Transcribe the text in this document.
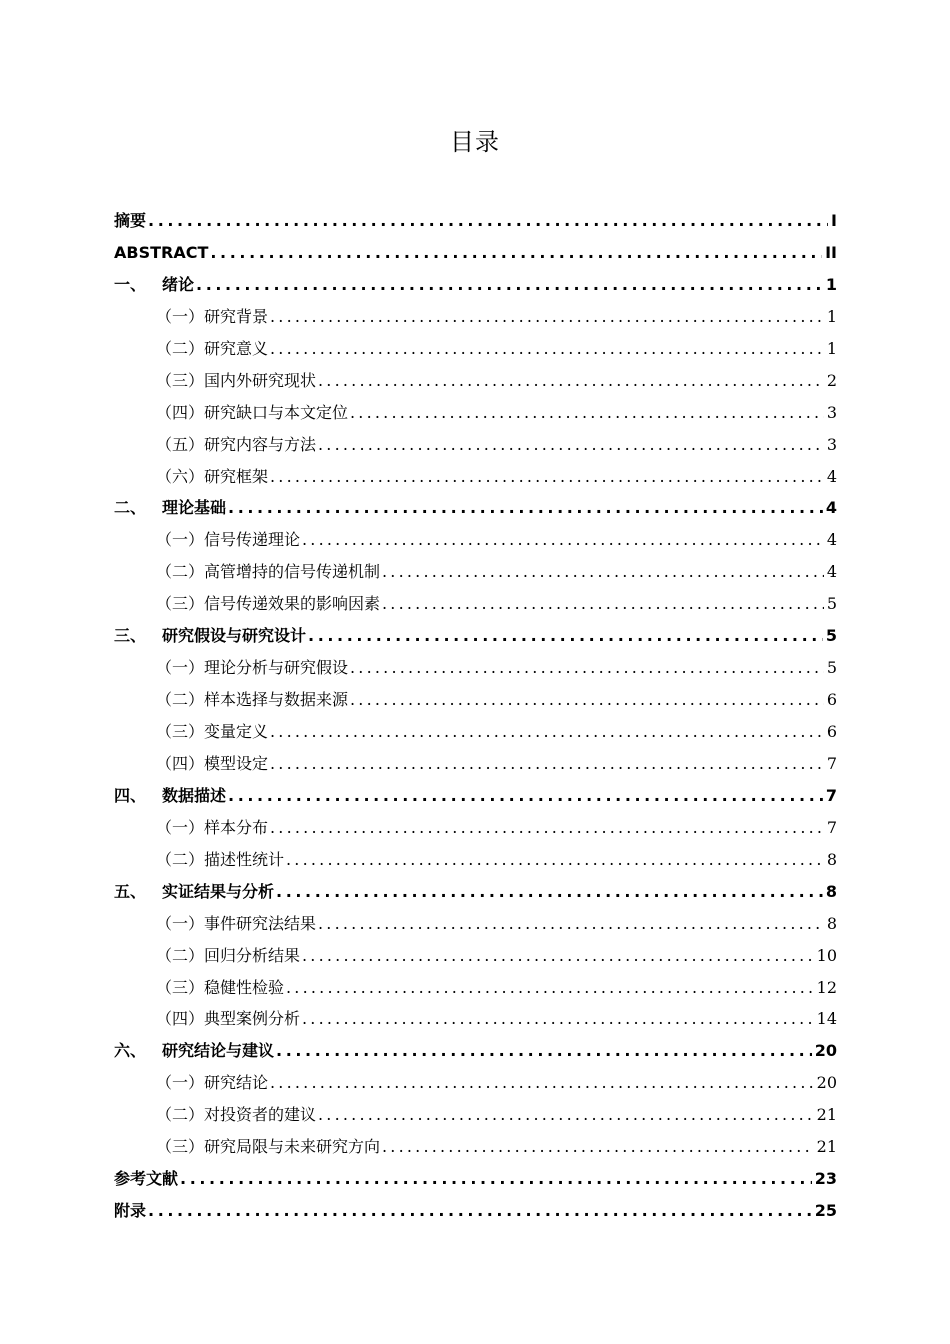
目录
摘要 .....	I
ABSTRACT .....	II
一、 绪论 .....	1
（一）研究背景 .....	1
（二）研究意义 .....	1
（三）国内外研究现状 .....	2
（四）研究缺口与本文定位 .....	3
（五）研究内容与方法 .....	3
（六）研究框架 .....	4
二、 理论基础 .....	4
（一）信号传递理论 .....	4
（二）高管增持的信号传递机制 .....	4
（三）信号传递效果的影响因素 .....	5
三、 研究假设与研究设计 .....	5
（一）理论分析与研究假设 .....	5
（二）样本选择与数据来源 .....	6
（三）变量定义 .....	6
（四）模型设定 .....	7
四、 数据描述 .....	7
（一）样本分布 .....	7
（二）描述性统计 .....	8
五、 实证结果与分析 .....	8
（一）事件研究法结果 .....	8
（二）回归分析结果 .....	10
（三）稳健性检验 .....	12
（四）典型案例分析 .....	14
六、 研究结论与建议 .....	20
（一）研究结论 .....	20
（二）对投资者的建议 .....	21
（三）研究局限与未来研究方向 .....	21
参考文献 .....	23
附录 .....	25
